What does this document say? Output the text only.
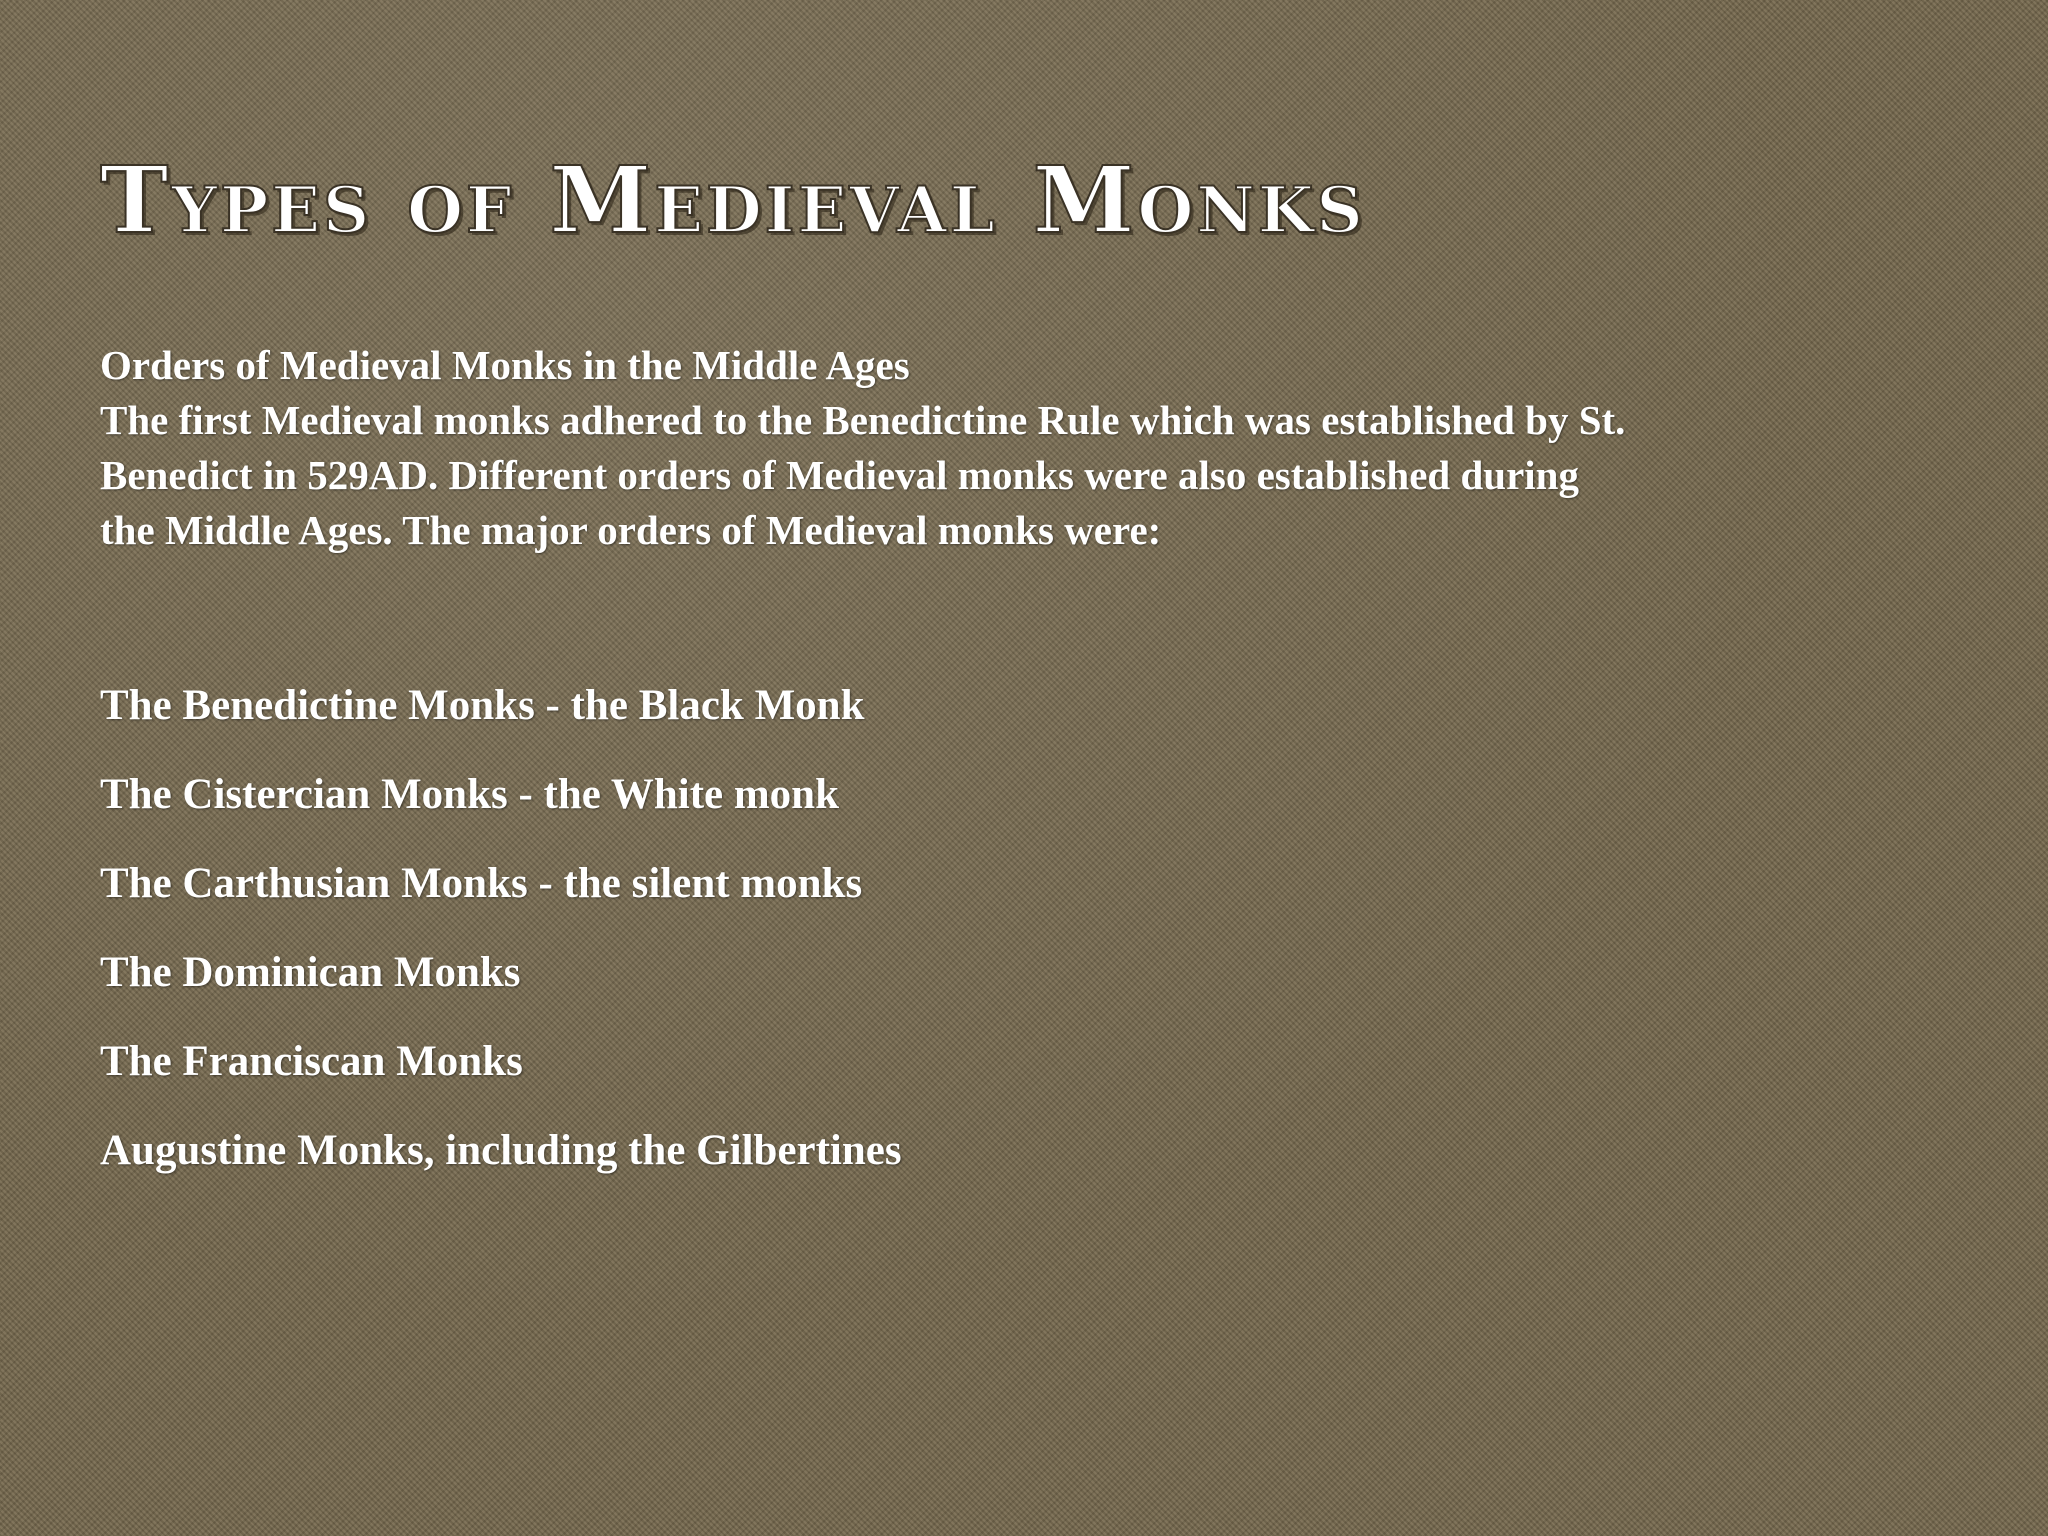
Types of Medieval Monks
Orders of Medieval Monks in the Middle Ages
The first Medieval monks adhered to the Benedictine Rule which was established by St.
Benedict in 529AD. Different orders of Medieval monks were also established during
the Middle Ages. The major orders of Medieval monks were:
The Benedictine Monks - the Black Monk
The Cistercian Monks - the White monk
The Carthusian Monks - the silent monks
The Dominican Monks
The Franciscan Monks
Augustine Monks, including the Gilbertines
